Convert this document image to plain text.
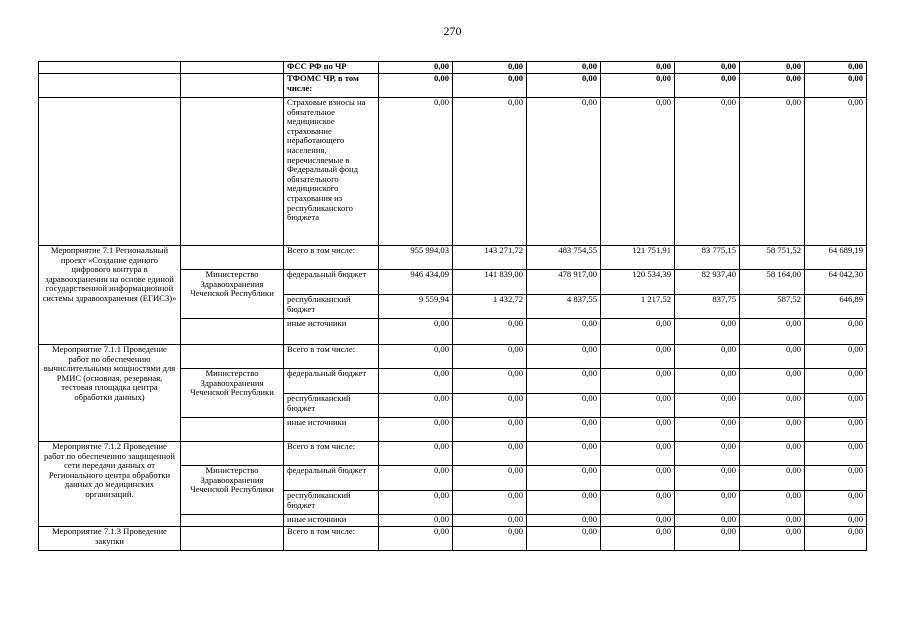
270
		ФСС РФ по ЧР	0,00	0,00	0,00	0,00	0,00	0,00	0,00
		ТФОМС ЧР, в том числе:	0,00	0,00	0,00	0,00	0,00	0,00	0,00
		Страховые взносы на обязательное медицинское страхование неработающего населения, перечисляемые в Федеральный фонд обязательного медицинского страхования из республиканского бюджета	0,00	0,00	0,00	0,00	0,00	0,00	0,00
Мероприятие 7.1 Региональный проект «Создание единого цифрового контура в здравоохранении на основе единой государственной информационной системы здравоохранения (ЕГИСЗ)»		Всего в том числе:	955 994,03	143 271,72	483 754,55	121 751,91	83 775,15	58 751,52	64 689,19
	Министерство Здравоохранения Чеченской Республики	федеральный бюджет	946 434,09	141 839,00	478 917,00	120 534,39	82 937,40	58 164,00	64 042,30
		республиканский бюджет	9 559,94	1 432,72	4 837,55	1 217,52	837,75	587,52	646,89
		иные источники	0,00	0,00	0,00	0,00	0,00	0,00	0,00
Мероприятие 7.1.1 Проведение работ по обеспечению вычислительными мощностями для РМИС (основная, резервная, тестовая площадка центра обработки данных)		Всего в том числе:	0,00	0,00	0,00	0,00	0,00	0,00	0,00
	Министерство Здравоохранения Чеченской Республики	федеральный бюджет	0,00	0,00	0,00	0,00	0,00	0,00	0,00
		республиканский бюджет	0,00	0,00	0,00	0,00	0,00	0,00	0,00
		иные источники	0,00	0,00	0,00	0,00	0,00	0,00	0,00
Мероприятие 7.1.2 Проведение работ по обеспечению защищенной сети передачи данных от Регионального центра обработки данных до медицинских организаций.		Всего в том числе:	0,00	0,00	0,00	0,00	0,00	0,00	0,00
	Министерство Здравоохранения Чеченской Республики	федеральный бюджет	0,00	0,00	0,00	0,00	0,00	0,00	0,00
		республиканский бюджет	0,00	0,00	0,00	0,00	0,00	0,00	0,00
		иные источники	0,00	0,00	0,00	0,00	0,00	0,00	0,00
Мероприятие 7.1.3 Проведение закупки		Всего в том числе:	0,00	0,00	0,00	0,00	0,00	0,00	0,00
